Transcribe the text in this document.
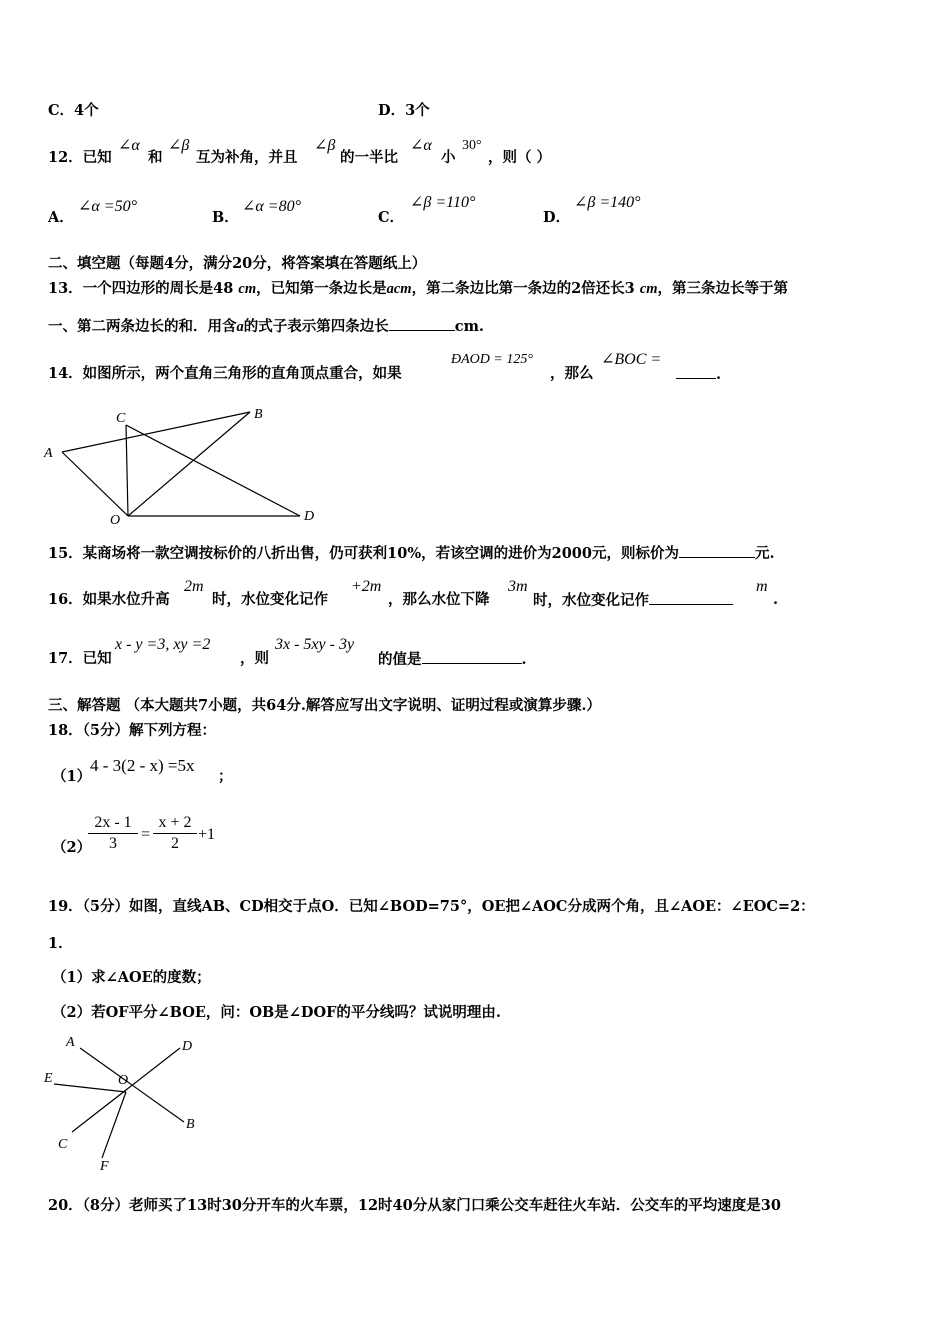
C．4个	D．3个
12．已知
∠α
和
∠β
互为补角，并且
∠β
的一半比
∠α
小
30°
，则（ ）
A．
∠α =50°
B．
∠α =80°
C．
∠β =110°
D．
∠β =140°
二、填空题（每题4分，满分20分，将答案填在答题纸上）
13．一个四边形的周长是48 cm，已知第一条边长是acm，第二条边比第一条边的2倍还长3 cm，第三条边长等于第
一、第二两条边长的和．用含a的式子表示第四条边长	cm.
14．如图所示，两个直角三角形的直角顶点重合，如果
ÐAOD = 125°
，那么
∠BOC =
.
A
B
C
O	D
15．某商场将一款空调按标价的八折出售，仍可获利10%，若该空调的进价为2000元，则标价为	元.
16．如果水位升高
2m
时，水位变化记作
+2m
，那么水位下降
3m
时，水位变化记作
m
.
17．已知
x - y =3, xy =2
，则
3x - 5xy - 3y
的值是	.
三、解答题 （本大题共7小题，共64分.解答应写出文字说明、证明过程或演算步骤.）
18．（5分）解下列方程：
（1）
4 - 3(2 - x) =5x
；
（2）
$\frac{2x - 1}{3} = \frac{x + 2}{2} +1$
19．（5分）如图，直线AB、CD相交于点O．已知∠BOD=75°，OE把∠AOC分成两个角，且∠AOE：∠EOC=2：
1．
（1）求∠AOE的度数；
（2）若OF平分∠BOE，问：OB是∠DOF的平分线吗？试说明理由.
A	D
E	O
C
B
F
20．（8分）老师买了13时30分开车的火车票，12时40分从家门口乘公交车赶往火车站．公交车的平均速度是30
